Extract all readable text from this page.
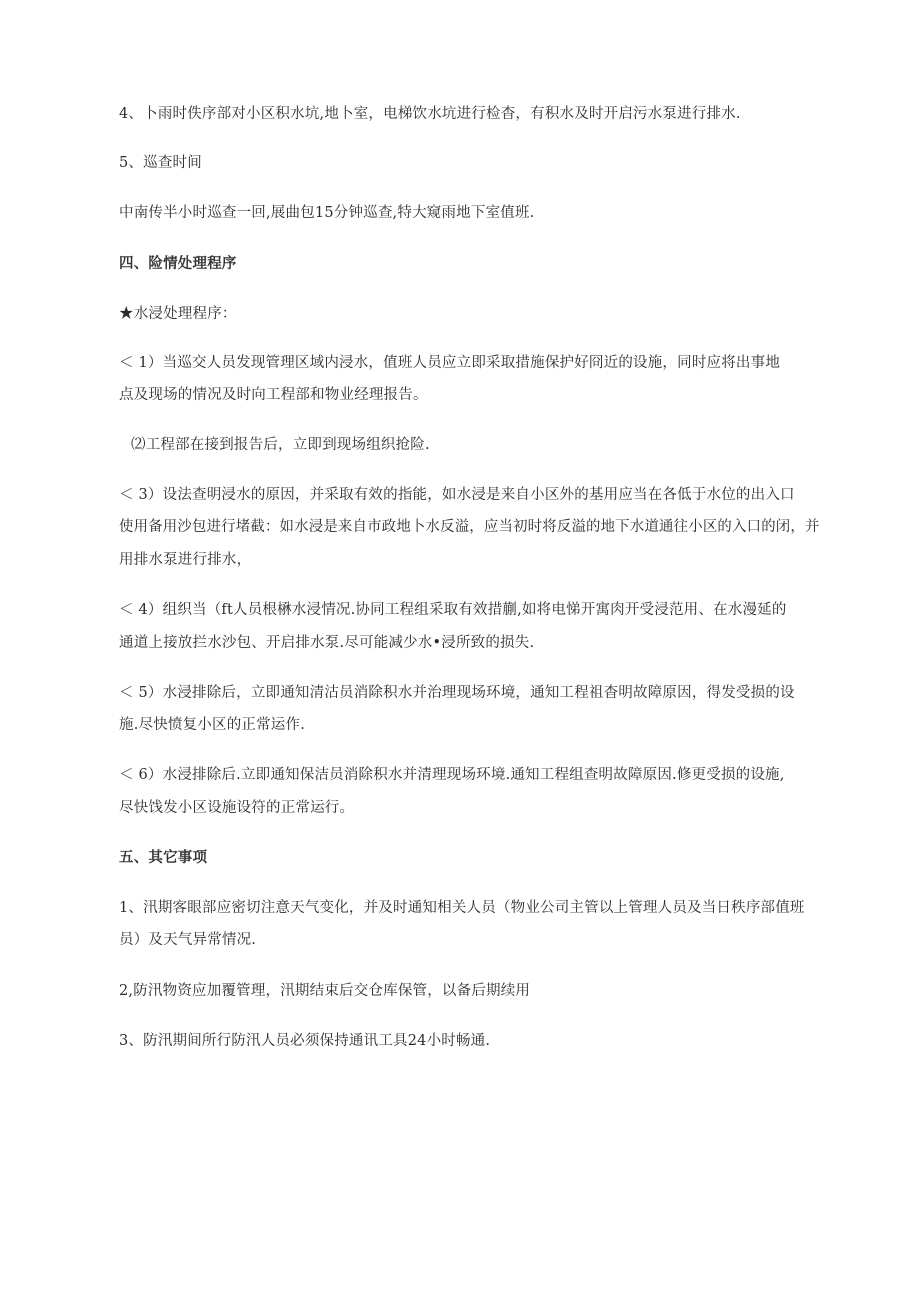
4、卜雨时佚序部对小区积水坑,地卜室，电梯饮水坑进行检杳，有积水及时开启污水泵进行排水.
5、巡查时间
中南传半小时巡查一回,展曲包15分钟巡查,特大窥雨地下室值班.
四、险情处理程序
★水浸处理程序：
＜ 1）当巡交人员发现管理区域内浸水，值班人员应立即采取措施保护好冏近的设施，同时应将出事地
点及现场的情况及时向工程部和物业经理报告。
⑵工程部在接到报告后，立即到现场组织抢险.
＜ 3）设法查明浸水的原因，并采取有效的指能，如水浸是来自小区外的基用应当在各低于水位的出入口
使用备用沙包进行堵截：如水浸是来自市政地卜水反溢，应当初时将反溢的地下水道通往小区的入口的闭，并
用排水泵进行排水，
＜ 4）组织当（ft人员根楙水浸情况.协同工程组采取有效措蒯,如将电悌开寓肉开受浸范用、在水漫延的
通道上接放拦水沙包、开启排水泵.尽可能减少水•浸所致的损失.
＜ 5）水浸排除后，立即通知清沽员消除积水并治理现场环境，通知工程祖杳明故障原因，得发受损的设
施.尽快愤复小区的正常运作.
＜ 6）水浸排除后.立即通知保洁员消除积水并清理现场环境.通知工程组查明故障原因.修更受损的设施,
尽快饯发小区设施设符的正常运行。
五、其它事项
1、汛期客眼部应密切注意天气变化，并及时通知相关人员（物业公司主管以上管理人员及当日秩序部值班
员）及天气异常情况.
2,防汛物资应加覆管理，汛期结束后交仓库保管，以备后期续用
3、防汛期间所行防汛人员必须保持通讯工具24小时畅通.
